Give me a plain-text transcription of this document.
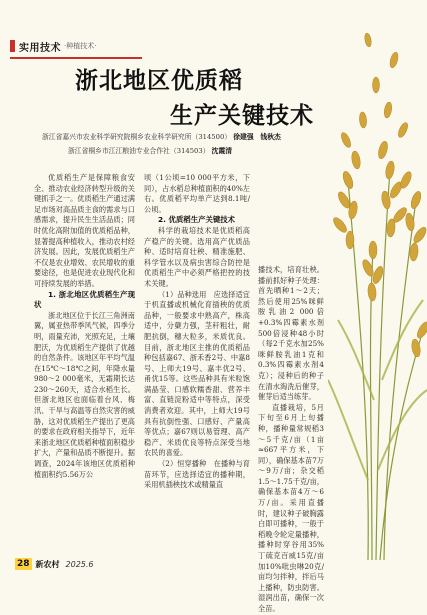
实用技术 ·种植技术·
浙北地区优质稻
生产关键技术
浙江省嘉兴市农业科学研究院桐乡农业科学研究所（314500） 徐建强　钱秋杰
浙江省桐乡市江江粮油专业合作社（314503） 沈霞清

优质稻生产是保障粮食安全、推动农业经济转型升级的关键抓手之一。优质稻生产通过满足市场对高品质主食的需求与口感需求，提升民生生活品质；同时优化高附加值的优质稻品种，显著提高种植收入，推动农村经济发展。因此，发展优质稻生产不仅是农业增效、农民增收的重要途径，也是促进农业现代化和可持续发展的举措。

1. 浙北地区优质稻生产现状

浙北地区位于长江三角洲南翼，属亚热带季风气候，四季分明，雨量充沛，光照充足，土壤肥沃，为优质稻生产提供了优越的自然条件。该地区年平均气温在15℃～18℃之间，年降水量980～2 000毫米，无霜期长达230～260天，适合水稻生长。但浙北地区也面临着台风、梅汛、干旱与高温等自然灾害的威胁，这对优质稻生产提出了更高的要求在政府相关指导下，近年来浙北地区优质稻种植面积稳步扩大，产量和品质不断提升。据调查，2024年该地区优质稻种植面积约5.56万公

顷（1公顷=10 000平方米，下同），占水稻总种植面积的40%左右。优质稻平均单产达到8.1吨/公顷。

2. 优质稻生产关键技术

科学的栽培技术是优质稻高产稳产的关键。选用高产优质品种、适时培育壮秧、精准施肥、科学管水以及病虫害综合防控是优质稻生产中必须严格把控的技术关键。

（1）品种选用　应选择适宜于机直播或机械化育插秧的优质品种，一般要求中熟高产，株高适中，分蘖力强，茎秆粗壮，耐肥抗倒，穗大粒多，米质优良。目前，浙北地区主推的优质稻品种包括嘉67、浙禾香2号、中嘉8号、上师大19号、嘉丰优2号、甬优15等。这些品种具有米粒饱满晶莹、口感软糯香甜、营养丰富、直链淀粉适中等特点，深受消费者欢迎。其中，上师大19号具有抗倒性强、口感好、产量高等优点；嘉67则以易管理、高产稳产、米质优良等特点深受当地农民的喜爱。

（2）恒穿播种　在播种与育苗环节，应选择适宜的播种期，采用机插秧技术或精量直

播技术，培育壮秧。播前抓好种子处理：首先晒种1～2天；然后使用25%咪鲜胺乳油2 000倍+0.3%四霉素水剂500倍浸种48小时（每2千克水加25%咪鲜胺乳油1克和0.3%四霉素水剂4克）；浸种后的种子在清水淘洗后催芽，催芽后适当练芽。

直播栽培，5月下旬至6月上旬播种，播种量常规稻3～5千克/亩（1亩≈667平方米，下同），确保基本苗7万～9万/亩；杂交稻1.5～1.75千克/亩，确保基本苗4万～6万/亩。采用直播时，建议种子破胸露白即可播种，一般于稻晚令轮定量播种，播种时穿谷用35%丁硫克百威15克/亩加10%吡虫啉20克/亩均匀拌种，拌后马上播种，防虫防害。湿润出苗，确保一次全苗。

28 新农村 2025.6
